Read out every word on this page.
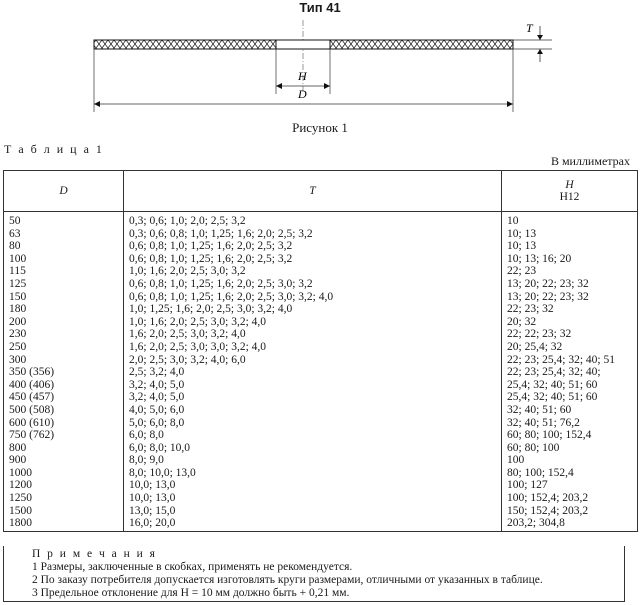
Тип 41
T
H
D
Рисунок 1
Т а б л и ц а 1
В миллиметрах
D	T	H
H12

50	0,3; 0,6; 1,0; 2,0; 2,5; 3,2	10
63	0,3; 0,6; 0,8; 1,0; 1,25; 1,6; 2,0; 2,5; 3,2	10; 13
80	0,6; 0,8; 1,0; 1,25; 1,6; 2,0; 2,5; 3,2	10; 13
100	0,6; 0,8; 1,0; 1,25; 1,6; 2,0; 2,5; 3,2	10; 13; 16; 20
115	1,0; 1,6; 2,0; 2,5; 3,0; 3,2	22; 23
125	0,6; 0,8; 1,0; 1,25; 1,6; 2,0; 2,5; 3,0; 3,2	13; 20; 22; 23; 32
150	0,6; 0,8; 1,0; 1,25; 1,6; 2,0; 2,5; 3,0; 3,2; 4,0	13; 20; 22; 23; 32
180	1,0; 1,25; 1,6; 2,0; 2,5; 3,0; 3,2; 4,0	22; 23; 32
200	1,0; 1,6; 2,0; 2,5; 3,0; 3,2; 4,0	20; 32
230	1,6; 2,0; 2,5; 3,0; 3,2; 4,0	22; 22; 23; 32
250	1,6; 2,0; 2,5; 3,0; 3,0; 3,2; 4,0	20; 25,4; 32
300	2,0; 2,5; 3,0; 3,2; 4,0; 6,0	22; 23; 25,4; 32; 40; 51
350 (356)	2,5; 3,2; 4,0	22; 23; 25,4; 32; 40;
400 (406)	3,2; 4,0; 5,0	25,4; 32; 40; 51; 60
450 (457)	3,2; 4,0; 5,0	25,4; 32; 40; 51; 60
500 (508)	4,0; 5,0; 6,0	32; 40; 51; 60
600 (610)	5,0; 6,0; 8,0	32; 40; 51; 76,2
750 (762)	6,0; 8,0	60; 80; 100; 152,4
800	6,0; 8,0; 10,0	60; 80; 100
900	8,0; 9,0	100
1000	8,0; 10,0; 13,0	80; 100; 152,4
1200	10,0; 13,0	100; 127
1250	10,0; 13,0	100; 152,4; 203,2
1500	13,0; 15,0	150; 152,4; 203,2
1800	16,0; 20,0	203,2; 304,8
П р и м е ч а н и я
1 Размеры, заключенные в скобках, применять не рекомендуется.
2 По заказу потребителя допускается изготовлять круги размерами, отличными от указанных в таблице.
3 Предельное отклонение для H = 10 мм должно быть + 0,21 мм.
